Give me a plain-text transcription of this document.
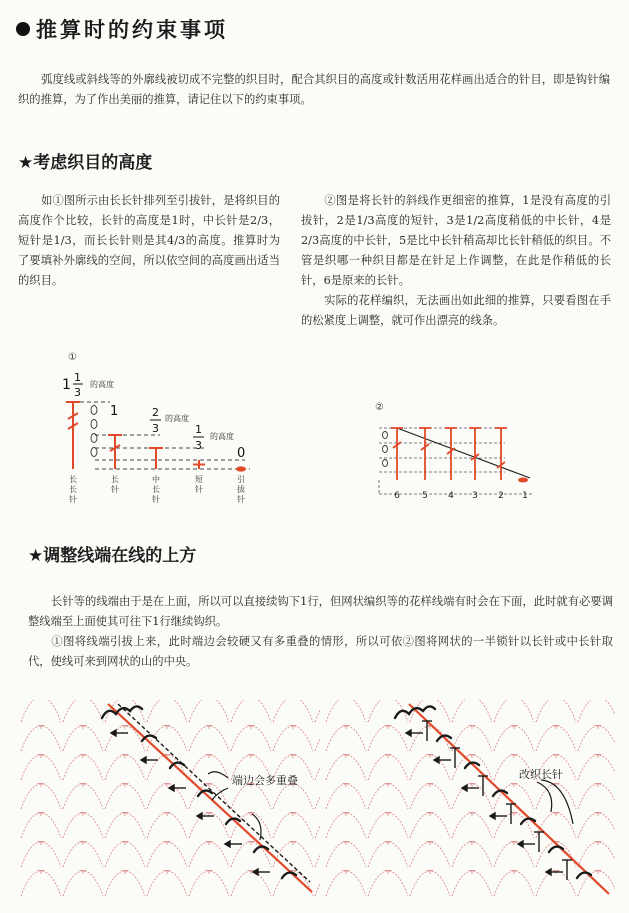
推算时的约束事项
弧度线或斜线等的外廓线被切成不完整的织目时，配合其织目的高度或针数活用花样画出适合的针目，即是钩针编织的推算，为了作出美丽的推算，请记住以下的约束事项。
★考虑织目的高度
如①图所示由长长针排列至引拔针，是将织目的高度作个比较，长针的高度是1时，中长针是2/3，短针是1/3，而长长针则是其4/3的高度。推算时为了要填补外廓线的空间，所以依空间的高度画出适当的织目。
②图是将长针的斜线作更细密的推算，1是没有高度的引拔针，2是1/3高度的短针，3是1/2高度稍低的中长针，4是2/3高度的中长针，5是比中长针稍高却比长针稍低的织目。不管是织哪一种织目都是在针足上作调整，在此是作稍低的长针，6是原来的长针。
实际的花样编织，无法画出如此细的推算，只要看图在手的松紧度上调整，就可作出漂亮的线条。
①
1 1
3
的高度
1	2
3
的高度
1
3
的高度
0
长长针
长针
中长针
短针
引拔针
②
6 5 4 3 2 1
★调整线端在线的上方
长针等的线端由于是在上面，所以可以直接续钩下1行，但网状编织等的花样线端有时会在下面，此时就有必要调整线端至上面使其可往下1行继续钩织。
①图将线端引拔上来，此时端边会较硬又有多重叠的情形，所以可依②图将网状的一半锁针以长针或中长针取代，使线可来到网状的山的中央。
端边会多重叠	改织长针
